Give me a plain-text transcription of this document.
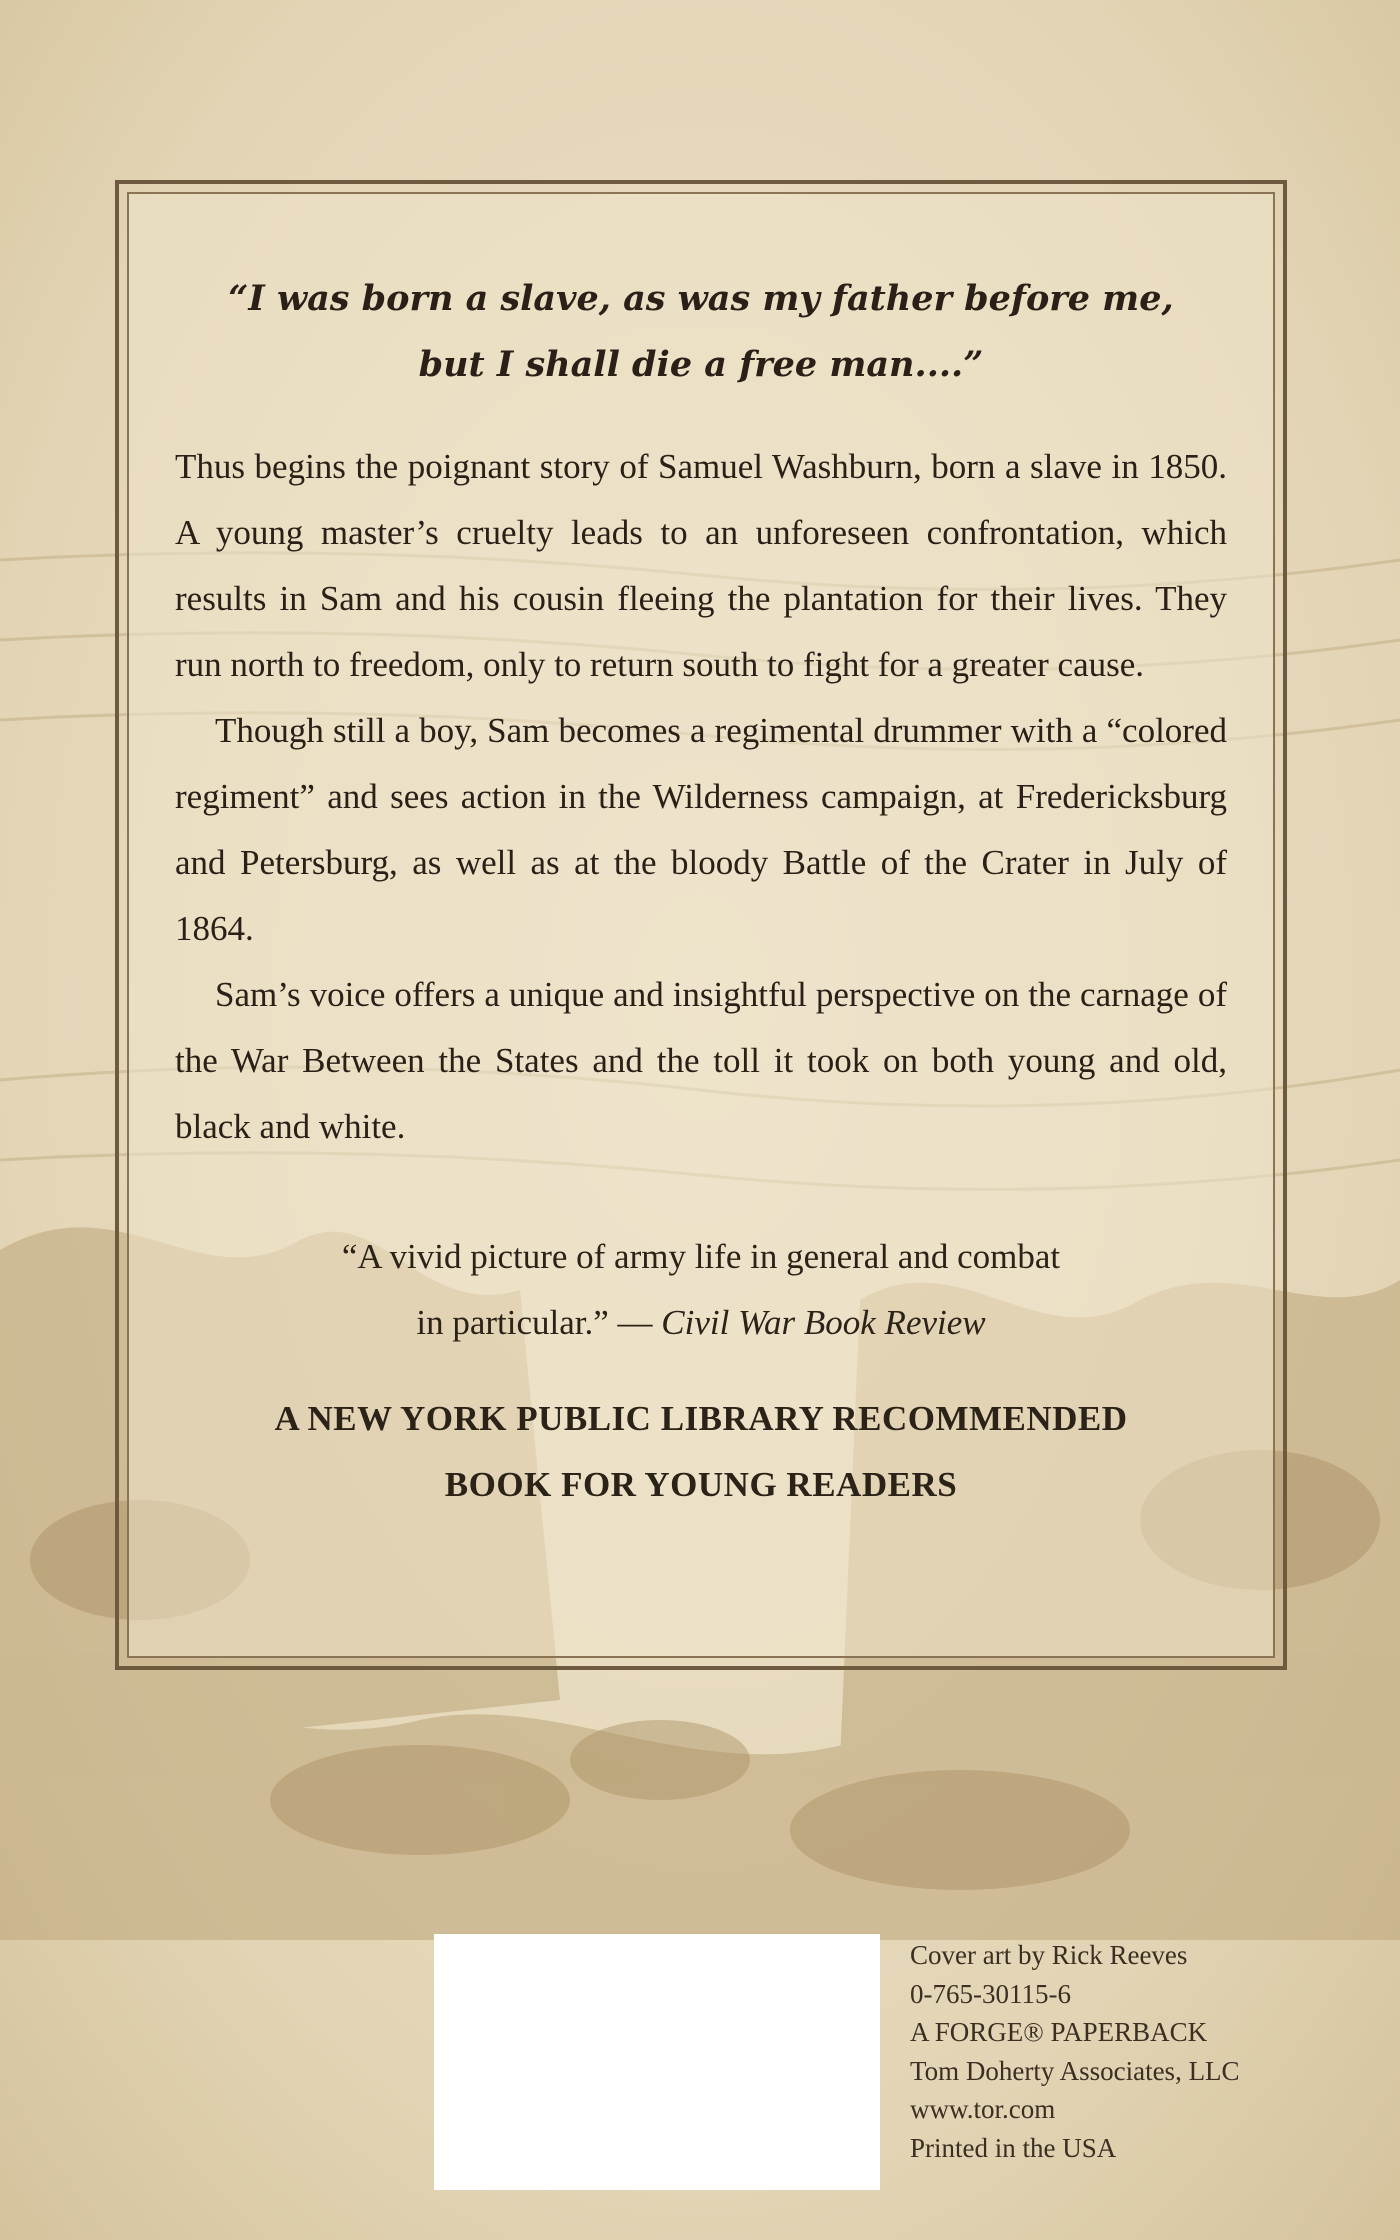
“I was born a slave, as was my father before me,
but I shall die a free man....”

Thus begins the poignant story of Samuel Washburn, born a slave in 1850. A young master’s cruelty leads to an unforeseen confrontation, which results in Sam and his cousin fleeing the plantation for their lives. They run north to freedom, only to return south to fight for a greater cause.

Though still a boy, Sam becomes a regimental drummer with a “colored regiment” and sees action in the Wilderness campaign, at Fredericksburg and Petersburg, as well as at the bloody Battle of the Crater in July of 1864.

Sam’s voice offers a unique and insightful perspective on the carnage of the War Between the States and the toll it took on both young and old, black and white.

“A vivid picture of army life in general and combat
in particular.” — Civil War Book Review

A NEW YORK PUBLIC LIBRARY RECOMMENDED
BOOK FOR YOUNG READERS

Cover art by Rick Reeves
0-765-30115-6
A FORGE® PAPERBACK
Tom Doherty Associates, LLC
www.tor.com
Printed in the USA
